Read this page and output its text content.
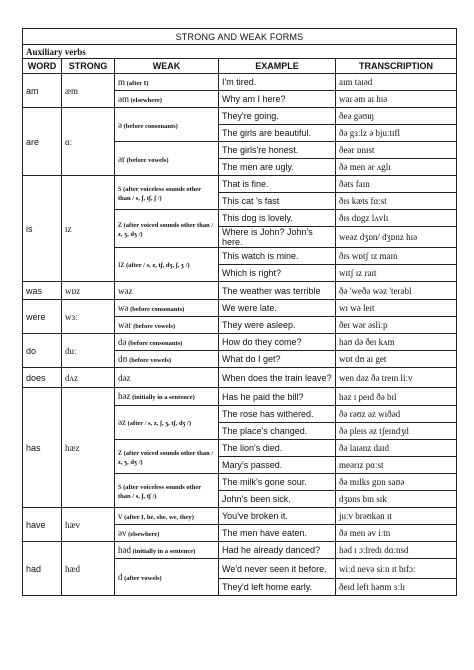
STRONG AND WEAK FORMS				
Auxiliary verbs				
WORD	STRONG	WEAK	EXAMPLE	TRANSCRIPTION
am	æm	m (after I)	I'm tired.	aɪm taɪəd
		əm (elsewhere)	Why am I here?	waɪ əm aɪ hɪə
are	ɑː	ə (before consonants)	They're going.	ðeə gəʊɪŋ
			The girls are beautiful.	ðə gɜːlz ə bjuːtɪfl
		ər (before vowels)	The girls're honest.	ðeər ɒnɪst
			The men are ugly.	ðə men ər ʌglɪ
is	ɪz	s (after voiceless sounds other than / s, ʃ, tʃ, ʃ /)	That is fine.	ðəts faɪn
			This cat 's fast	ðɪs kæts fɑːst
		z (after voiced sounds other than / z, ʒ, dʒ /)	This dog is lovely.	ðɪs dɒgz lʌvlɪ
			Where is John? John's here.	weəz dʒɒn/ dʒɒnz hɪə
		ɪz (after / s, z, tʃ, dʒ, ʃ, ʒ /)	This watch is mine.	ðɪs wɒtʃ ɪz maɪn
			Which is right?	wɪtʃ ɪz raɪt
was	wɒz	wəz	The weather was terrible	ðə 'weðə wəz 'terəbl
were	wɜː	wə (before consonants)	We were late.	wɪ wə leɪt
		wər (before vowels)	They were asleep.	ðeɪ wər əsliːp
do	duː	də (before consonants)	How do they come?	haʊ də ðeɪ kʌm
		dʊ (before vowels)	What do I get?	wɒt dʊ aɪ get
does	dʌz	dəz	When does the train leave?	wen dəz ðə treɪn liːv
has	hæz	həz (initially in a sentence)	Has he paid the bill?	həz ɪ peɪd ðə bɪl
		əz (after / s, z, ʃ, ʒ, tʃ, dʒ /)	The rose has withered.	ðə rəʊz əz wɪðəd
			The place's changed.	ðə pleɪs əz tʃeɪndʒd
		z (after voiced sounds other than / z, ʒ, dʒ /)	The lion's died.	ðə laɪənz daɪd
			Mary's passed.	meərɪz pɑːst
		s (after voiceless sounds other than / s, ʃ, tʃ /)	The milk's gone sour.	ðə mɪlks gɒn saʊə
			John's been sick.	dʒɒns bɪn sɪk
have	hæv	v (after I, he, she, we, they)	You've broken it.	juːv brəʊkən ɪt
		əv (elsewhere)	The men have eaten.	ðə men əv iːtn
had	hæd	həd (initially in a sentence)	Had he already danced?	həd ɪ ɔːlredɪ dɑːnsd
		d (after vowels)	We'd never seen it before.	wiːd nevə siːn ɪt bɪfɔː
			They'd left home early.	ðeɪd left həʊm ɜːlɪ
